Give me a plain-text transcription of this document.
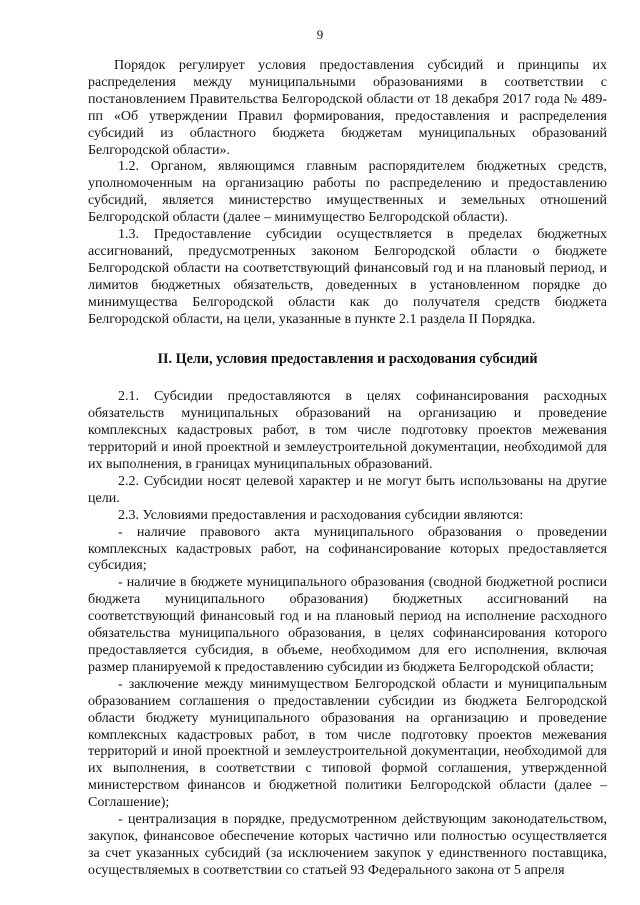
9

Порядок регулирует условия предоставления субсидий и принципы их распределения между муниципальными образованиями в соответствии с постановлением Правительства Белгородской области от 18 декабря 2017 года № 489-пп «Об утверждении Правил формирования, предоставления и распределения субсидий из областного бюджета бюджетам муниципальных образований Белгородской области».

1.2. Органом, являющимся главным распорядителем бюджетных средств, уполномоченным на организацию работы по распределению и предоставлению субсидий, является министерство имущественных и земельных отношений Белгородской области (далее – минимущество Белгородской области).

1.3. Предоставление субсидии осуществляется в пределах бюджетных ассигнований, предусмотренных законом Белгородской области о бюджете Белгородской области на соответствующий финансовый год и на плановый период, и лимитов бюджетных обязательств, доведенных в установленном порядке до минимущества Белгородской области как до получателя средств бюджета Белгородской области, на цели, указанные в пункте 2.1 раздела II Порядка.

II. Цели, условия предоставления и расходования субсидий

2.1. Субсидии предоставляются в целях софинансирования расходных обязательств муниципальных образований на организацию и проведение комплексных кадастровых работ, в том числе подготовку проектов межевания территорий и иной проектной и землеустроительной документации, необходимой для их выполнения, в границах муниципальных образований.

2.2. Субсидии носят целевой характер и не могут быть использованы на другие цели.

2.3. Условиями предоставления и расходования субсидии являются:

- наличие правового акта муниципального образования о проведении комплексных кадастровых работ, на софинансирование которых предоставляется субсидия;

- наличие в бюджете муниципального образования (сводной бюджетной росписи бюджета муниципального образования) бюджетных ассигнований на соответствующий финансовый год и на плановый период на исполнение расходного обязательства муниципального образования, в целях софинансирования которого предоставляется субсидия, в объеме, необходимом для его исполнения, включая размер планируемой к предоставлению субсидии из бюджета Белгородской области;

- заключение между минимуществом Белгородской области и муниципальным образованием соглашения о предоставлении субсидии из бюджета Белгородской области бюджету муниципального образования на организацию и проведение комплексных кадастровых работ, в том числе подготовку проектов межевания территорий и иной проектной и землеустроительной документации, необходимой для их выполнения, в соответствии с типовой формой соглашения, утвержденной министерством финансов и бюджетной политики Белгородской области (далее – Соглашение);

- централизация в порядке, предусмотренном действующим законодательством, закупок, финансовое обеспечение которых частично или полностью осуществляется за счет указанных субсидий (за исключением закупок у единственного поставщика, осуществляемых в соответствии со статьей 93 Федерального закона от 5 апреля
